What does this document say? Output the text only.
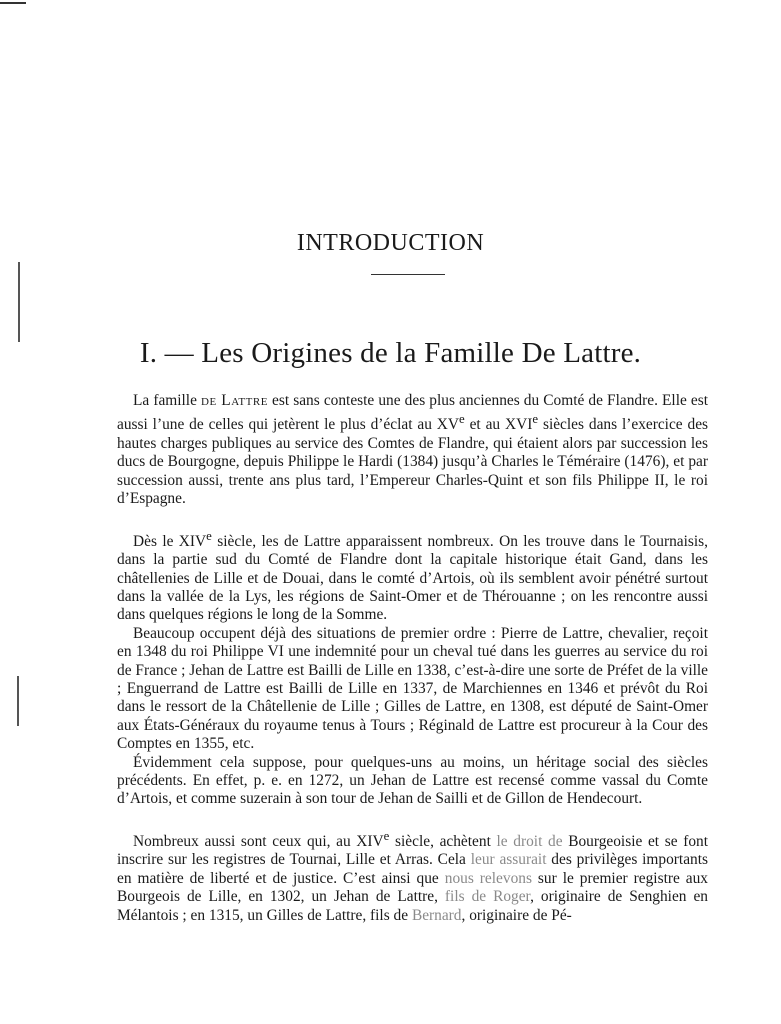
INTRODUCTION
I. — Les Origines de la Famille De Lattre.

La famille de Lattre est sans conteste une des plus anciennes du Comté de Flandre. Elle est aussi l’une de celles qui jetèrent le plus d’éclat au XVe et au XVIe siècles dans l’exercice des hautes charges publiques au service des Comtes de Flandre, qui étaient alors par succession les ducs de Bourgogne, depuis Philippe le Hardi (1384) jusqu’à Charles le Téméraire (1476), et par succession aussi, trente ans plus tard, l’Empereur Charles-Quint et son fils Philippe II, le roi d’Espagne.

Dès le XIVe siècle, les de Lattre apparaissent nombreux. On les trouve dans le Tournaisis, dans la partie sud du Comté de Flandre dont la capitale historique était Gand, dans les châtellenies de Lille et de Douai, dans le comté d’Artois, où ils semblent avoir pénétré surtout dans la vallée de la Lys, les régions de Saint-Omer et de Thérouanne ; on les rencontre aussi dans quelques régions le long de la Somme.

Beaucoup occupent déjà des situations de premier ordre : Pierre de Lattre, chevalier, reçoit en 1348 du roi Philippe VI une indemnité pour un cheval tué dans les guerres au service du roi de France ; Jehan de Lattre est Bailli de Lille en 1338, c’est-à-dire une sorte de Préfet de la ville ; Enguerrand de Lattre est Bailli de Lille en 1337, de Marchiennes en 1346 et prévôt du Roi dans le ressort de la Châtellenie de Lille ; Gilles de Lattre, en 1308, est député de Saint-Omer aux États-Généraux du royaume tenus à Tours ; Réginald de Lattre est procureur à la Cour des Comptes en 1355, etc.

Évidemment cela suppose, pour quelques-uns au moins, un héritage social des siècles précédents. En effet, p. e. en 1272, un Jehan de Lattre est recensé comme vassal du Comte d’Artois, et comme suzerain à son tour de Jehan de Sailli et de Gillon de Hendecourt.

Nombreux aussi sont ceux qui, au XIVe siècle, achètent le droit de Bourgeoisie et se font inscrire sur les registres de Tournai, Lille et Arras. Cela leur assurait des privilèges importants en matière de liberté et de justice. C’est ainsi que nous relevons sur le premier registre aux Bourgeois de Lille, en 1302, un Jehan de Lattre, fils de Roger, originaire de Senghien en Mélantois ; en 1315, un Gilles de Lattre, fils de Bernard, originaire de Pé-
